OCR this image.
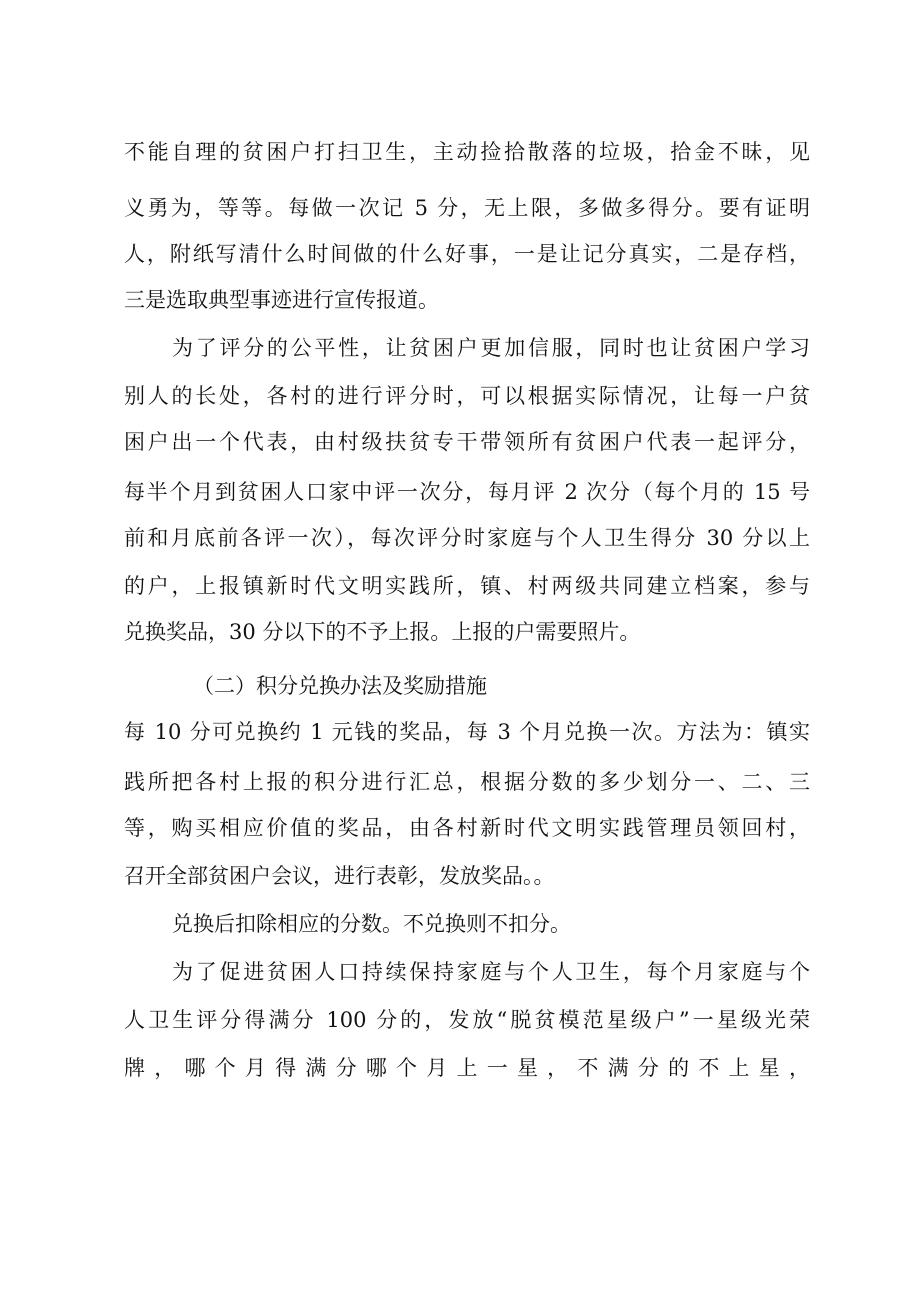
不能自理的贫困户打扫卫生，主动捡拾散落的垃圾，拾金不昧，见
义勇为，等等。每做一次记 5 分，无上限，多做多得分。要有证明
人，附纸写清什么时间做的什么好事，一是让记分真实，二是存档，
三是选取典型事迹进行宣传报道。
为了评分的公平性，让贫困户更加信服，同时也让贫困户学习
别人的长处，各村的进行评分时，可以根据实际情况，让每一户贫
困户出一个代表，由村级扶贫专干带领所有贫困户代表一起评分，
每半个月到贫困人口家中评一次分，每月评 2 次分（每个月的 15 号
前和月底前各评一次），每次评分时家庭与个人卫生得分 30 分以上
的户，上报镇新时代文明实践所，镇、村两级共同建立档案，参与
兑换奖品，30 分以下的不予上报。上报的户需要照片。
（二）积分兑换办法及奖励措施
每 10 分可兑换约 1 元钱的奖品，每 3 个月兑换一次。方法为：镇实
践所把各村上报的积分进行汇总，根据分数的多少划分一、二、三
等，购买相应价值的奖品，由各村新时代文明实践管理员领回村，
召开全部贫困户会议，进行表彰，发放奖品。。
兑换后扣除相应的分数。不兑换则不扣分。
为了促进贫困人口持续保持家庭与个人卫生，每个月家庭与个
人卫生评分得满分 100 分的，发放“脱贫模范星级户”一星级光荣
牌，哪个月得满分哪个月上一星，不满分的不上星，
